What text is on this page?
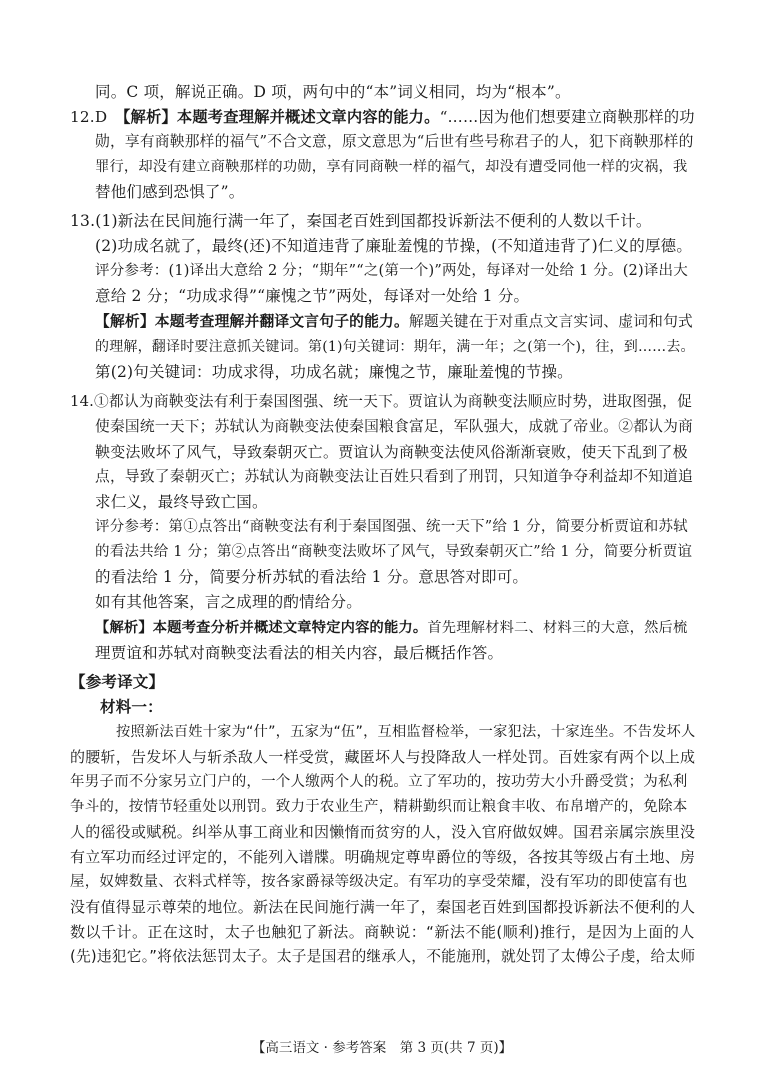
同。C 项，解说正确。D 项，两句中的“本”词义相同，均为“根本”。
12.D　【解析】本题考查理解并概述文章内容的能力。“……因为他们想要建立商鞅那样的功
勋，享有商鞅那样的福气”不合文意，原文意思为“后世有些号称君子的人，犯下商鞅那样的
罪行，却没有建立商鞅那样的功勋，享有同商鞅一样的福气，却没有遭受同他一样的灾祸，我
替他们感到恐惧了”。
13.(1)新法在民间施行满一年了，秦国老百姓到国都投诉新法不便利的人数以千计。
(2)功成名就了，最终(还)不知道违背了廉耻羞愧的节操，(不知道违背了)仁义的厚德。
评分参考：(1)译出大意给 2 分；“期年”“之(第一个)”两处，每译对一处给 1 分。(2)译出大
意给 2 分；“功成求得”“廉愧之节”两处，每译对一处给 1 分。
【解析】本题考查理解并翻译文言句子的能力。解题关键在于对重点文言实词、虚词和句式
的理解，翻译时要注意抓关键词。第(1)句关键词：期年，满一年；之(第一个)，往，到……去。
第(2)句关键词：功成求得，功成名就；廉愧之节，廉耻羞愧的节操。
14.①都认为商鞅变法有利于秦国图强、统一天下。贾谊认为商鞅变法顺应时势，进取图强，促
使秦国统一天下；苏轼认为商鞅变法使秦国粮食富足，军队强大，成就了帝业。②都认为商
鞅变法败坏了风气，导致秦朝灭亡。贾谊认为商鞅变法使风俗渐渐衰败，使天下乱到了极
点，导致了秦朝灭亡；苏轼认为商鞅变法让百姓只看到了刑罚，只知道争夺利益却不知道追
求仁义，最终导致亡国。
评分参考：第①点答出“商鞅变法有利于秦国图强、统一天下”给 1 分，简要分析贾谊和苏轼
的看法共给 1 分；第②点答出“商鞅变法败坏了风气，导致秦朝灭亡”给 1 分，简要分析贾谊
的看法给 1 分，简要分析苏轼的看法给 1 分。意思答对即可。
如有其他答案，言之成理的酌情给分。
【解析】本题考查分析并概述文章特定内容的能力。首先理解材料二、材料三的大意，然后梳
理贾谊和苏轼对商鞅变法看法的相关内容，最后概括作答。
【参考译文】
材料一：
按照新法百姓十家为“什”，五家为“伍”，互相监督检举，一家犯法，十家连坐。不告发坏人
的腰斩，告发坏人与斩杀敌人一样受赏，藏匿坏人与投降敌人一样处罚。百姓家有两个以上成
年男子而不分家另立门户的，一个人缴两个人的税。立了军功的，按功劳大小升爵受赏；为私利
争斗的，按情节轻重处以刑罚。致力于农业生产，精耕勤织而让粮食丰收、布帛增产的，免除本
人的徭役或赋税。纠举从事工商业和因懒惰而贫穷的人，没入官府做奴婢。国君亲属宗族里没
有立军功而经过评定的，不能列入谱牒。明确规定尊卑爵位的等级，各按其等级占有土地、房
屋，奴婢数量、衣料式样等，按各家爵禄等级决定。有军功的享受荣耀，没有军功的即使富有也
没有值得显示尊荣的地位。新法在民间施行满一年了，秦国老百姓到国都投诉新法不便利的人
数以千计。正在这时，太子也触犯了新法。商鞅说：“新法不能(顺利)推行，是因为上面的人
(先)违犯它。”将依法惩罚太子。太子是国君的继承人，不能施刑，就处罚了太傅公子虔，给太师
【高三语文 · 参考答案　第 3 页(共 7 页)】
